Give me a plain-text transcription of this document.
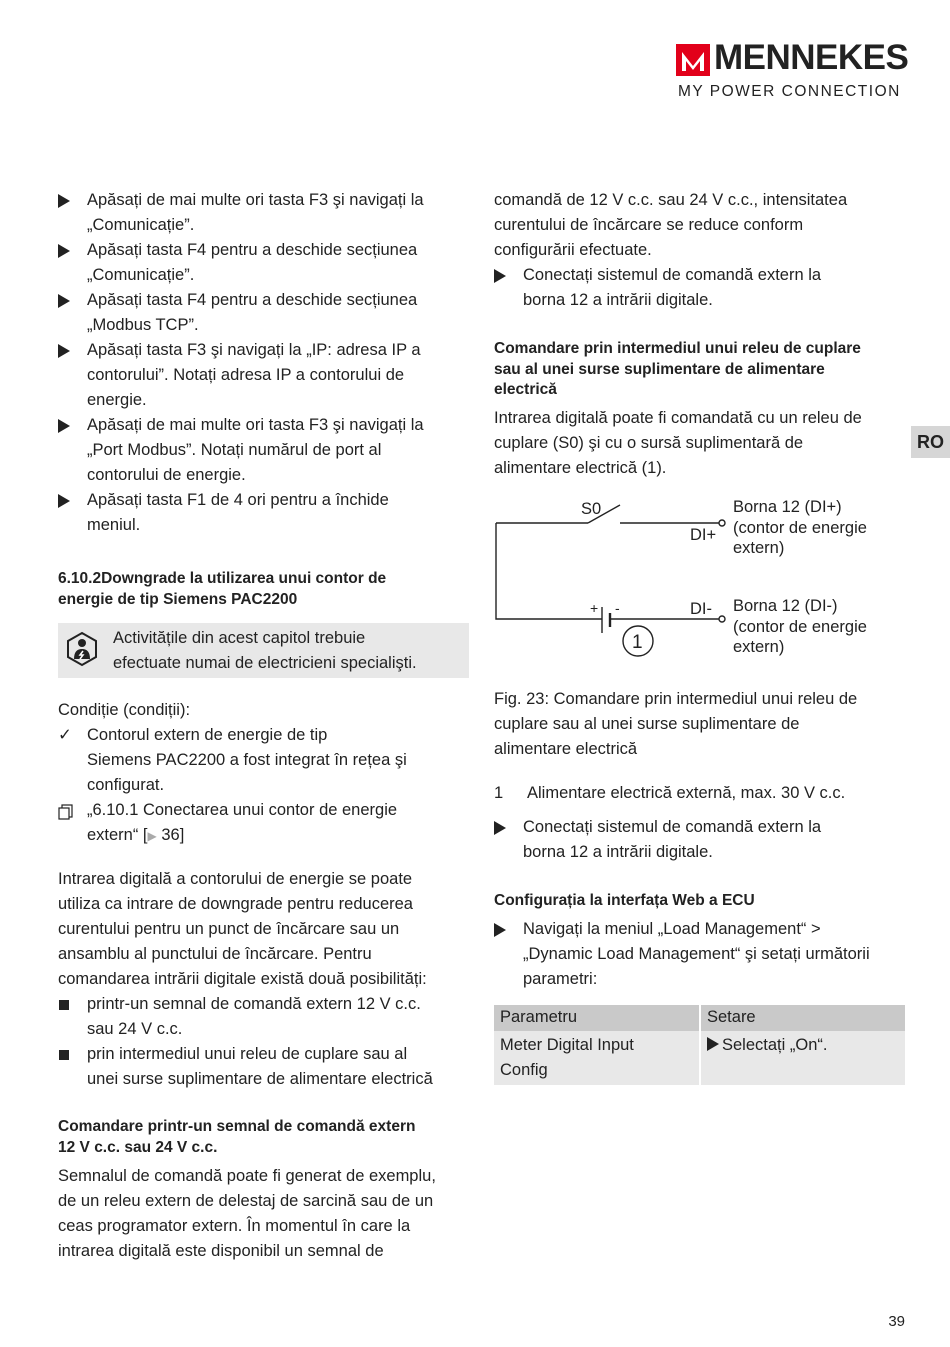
MENNEKES
MY POWER CONNECTION
RO
Apăsați de mai multe ori tasta F3 şi navigați la
„Comunicație”.
Apăsați tasta F4 pentru a deschide secțiunea
„Comunicație”.
Apăsați tasta F4 pentru a deschide secțiunea
„Modbus TCP”.
Apăsați tasta F3 şi navigați la „IP: adresa IP a
contorului”. Notați adresa IP a contorului de
energie.
Apăsați de mai multe ori tasta F3 şi navigați la
„Port Modbus”. Notați numărul de port al
contorului de energie.
Apăsați tasta F1 de 4 ori pentru a închide
meniul.
6.10.2Downgrade la utilizarea unui contor de
energie de tip Siemens PAC2200
Activitățile din acest capitol trebuie
efectuate numai de electricieni specialişti.
Condiție (condiții):
✓ Contorul extern de energie de tip
Siemens PAC2200 a fost integrat în rețea şi
configurat.
„6.10.1 Conectarea unui contor de energie
extern“ [▶ 36]
Intrarea digitală a contorului de energie se poate
utiliza ca intrare de downgrade pentru reducerea
curentului pentru un punct de încărcare sau un
ansamblu al punctului de încărcare. Pentru
comandarea intrării digitale există două posibilități:
printr-un semnal de comandă extern 12 V c.c.
sau 24 V c.c.
prin intermediul unui releu de cuplare sau al
unei surse suplimentare de alimentare electrică
Comandare printr-un semnal de comandă extern
12 V c.c. sau 24 V c.c.
Semnalul de comandă poate fi generat de exemplu,
de un releu extern de delestaj de sarcină sau de un
ceas programator extern. În momentul în care la
intrarea digitală este disponibil un semnal de
comandă de 12 V c.c. sau 24 V c.c., intensitatea
curentului de încărcare se reduce conform
configurării efectuate.
Conectați sistemul de comandă extern la
borna 12 a intrării digitale.
Comandare prin intermediul unui releu de cuplare
sau al unei surse suplimentare de alimentare
electrică
Intrarea digitală poate fi comandată cu un releu de
cuplare (S0) şi cu o sursă suplimentară de
alimentare electrică (1).
S0
DI+
DI-
+ -
1
Borna 12 (DI+)
(contor de energie
extern)
Borna 12 (DI-)
(contor de energie
extern)
Fig. 23: Comandare prin intermediul unui releu de
cuplare sau al unei surse suplimentare de
alimentare electrică
1 Alimentare electrică externă, max. 30 V c.c.
Conectați sistemul de comandă extern la
borna 12 a intrării digitale.
Configurația la interfața Web a ECU
Navigați la meniul „Load Management“ >
„Dynamic Load Management“ şi setați următorii
parametri:
Parametru	Setare

Meter Digital Input
Config	Selectați „On“.
39
